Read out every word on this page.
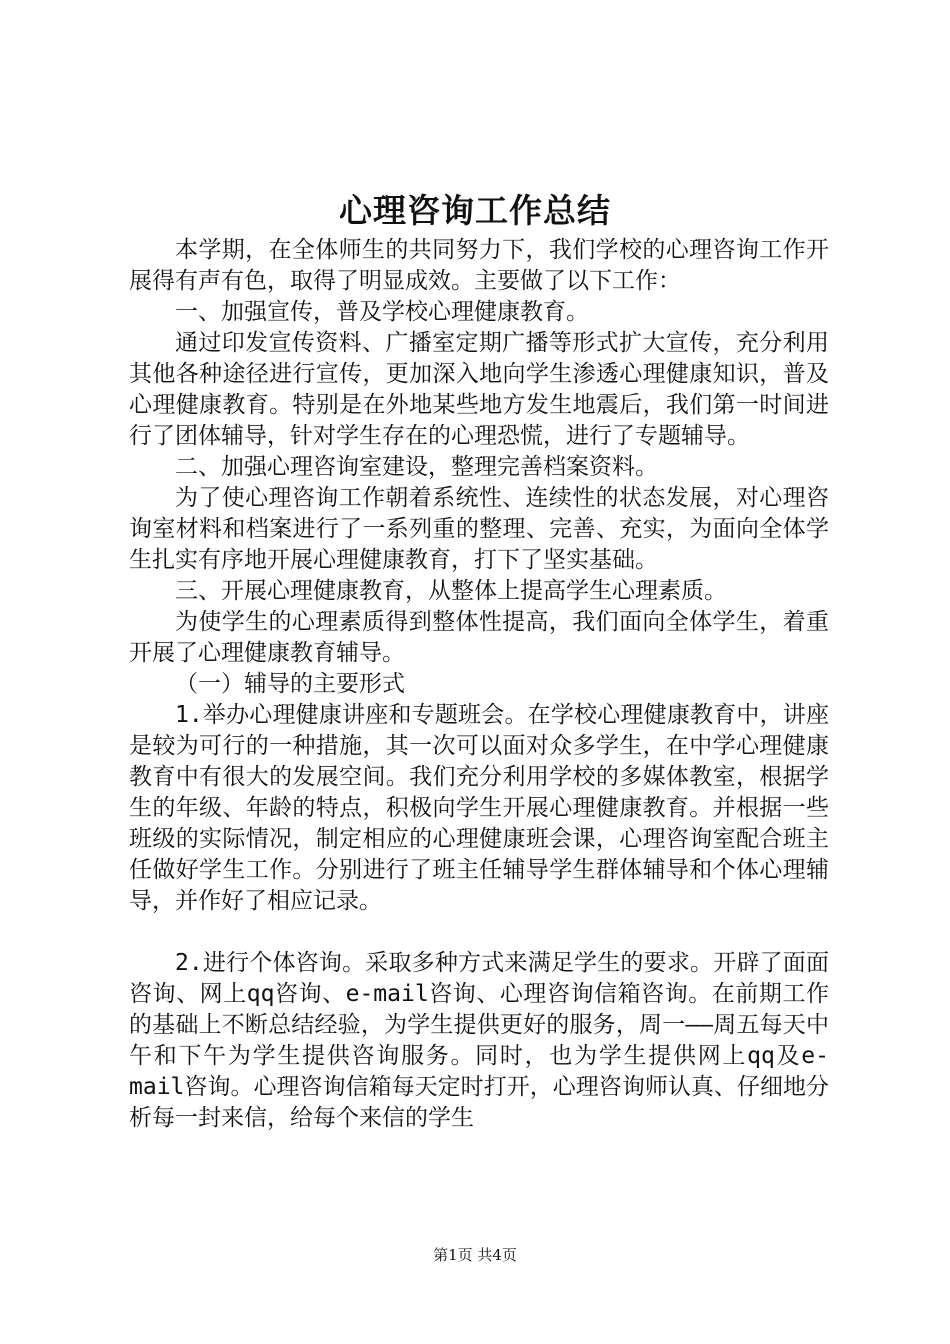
心理咨询工作总结

本学期，在全体师生的共同努力下，我们学校的心理咨询工作开展得有声有色，取得了明显成效。主要做了以下工作：

一、加强宣传，普及学校心理健康教育。

通过印发宣传资料、广播室定期广播等形式扩大宣传，充分利用其他各种途径进行宣传，更加深入地向学生渗透心理健康知识，普及心理健康教育。特别是在外地某些地方发生地震后，我们第一时间进行了团体辅导，针对学生存在的心理恐慌，进行了专题辅导。

二、加强心理咨询室建设，整理完善档案资料。

为了使心理咨询工作朝着系统性、连续性的状态发展，对心理咨询室材料和档案进行了一系列重的整理、完善、充实，为面向全体学生扎实有序地开展心理健康教育，打下了坚实基础。

三、开展心理健康教育，从整体上提高学生心理素质。

为使学生的心理素质得到整体性提高，我们面向全体学生，着重开展了心理健康教育辅导。

（一）辅导的主要形式

1.举办心理健康讲座和专题班会。在学校心理健康教育中，讲座是较为可行的一种措施，其一次可以面对众多学生，在中学心理健康教育中有很大的发展空间。我们充分利用学校的多媒体教室，根据学生的年级、年龄的特点，积极向学生开展心理健康教育。并根据一些班级的实际情况，制定相应的心理健康班会课，心理咨询室配合班主任做好学生工作。分别进行了班主任辅导学生群体辅导和个体心理辅导，并作好了相应记录。

2.进行个体咨询。采取多种方式来满足学生的要求。开辟了面面咨询、网上qq咨询、e-mail咨询、心理咨询信箱咨询。在前期工作的基础上不断总结经验，为学生提供更好的服务，周一——周五每天中午和下午为学生提供咨询服务。同时，也为学生提供网上qq及e-mail咨询。心理咨询信箱每天定时打开，心理咨询师认真、仔细地分析每一封来信，给每个来信的学生

第1页 共4页
